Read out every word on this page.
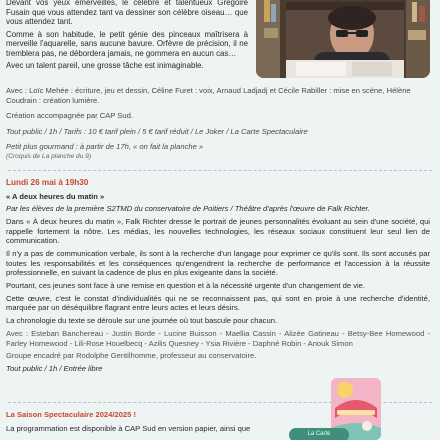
Devant vos yeux émerveillés, le célèbre et talentueux Grégoire Fusain que vous attendez tant va dessiner son célèbre oiseau… que vous attendez tant.

Comme à son habitude, le petit génie des pinceaux maîtrisera à merveille l'aquarelle, sans aucune bavure. Orfèvre de précision, il ne tremblera pas, ne débordera jamais, ne gommera en aucun cas…

Avec un talent pareil, une grosse tâche est inimaginable.

Avec : Loïc Mehée : écriture, jeu et dessin, Céline Furet : voix, Arnaud Ladjadj et Cécile Rabiller : mise en scène, Hélène Coudrain : création lumière.

Création accompagnée par CAP Sud.

Tout public / 1h / Tarifs : 10 € tarif plein / 5 € tarif réduit / Le Joker / La Carte Spectaculaire

Petit plus gourmand : à partir de 17h, « on fait la planche »

(Croquis de La planche du 9)

Lundi 26 mai à 19h30

« A deux heures du matin »

Par les élèves de la première S2TMD du conservatoire de Poitiers / Théâtre d'après l'œuvre de Falk Richter.

Dans « À deux heures du matin », Falk Richter dresse le portrait de jeunes personnalités évoluant au sein d'une société, qui rappelle fortement la nôtre. Les médias, les nouvelles technologies, les réseaux sociaux constituent leur seul lien de communication.

Il n'y a pas de communication verbale, ils sont à la recherche d'un langage pour exprimer ce qu'ils sont. Ils sont accusés par toutes les responsabilités et les conséquences qu'engendrent la recherche de performance et l'accession à la réussite professionnelle, en suivant la cadence de plus en plus exigeante dans la société.

Pourtant, ces jeunes sont face à une remise en question et à la nécessité urgente d'un changement de vie.

Cette œuvre, c'est le constat d'individualités qui ne se reconnaissent pas, qui sont en proie à une recherche d'identité, marquée par un déséquilibre flagrant entre leurs actes et leurs désirs.

La chronologie du texte se déroule sur une journée où tout bascule pour chacun.

Avec : Esteban Banchereau - Justin Borde - Lucine Buisson - Maellia Cassin - Alizée Gatineau - Betsy-Bee Homewood - Farley Homewood - Lili-Rose Houelbecq - Azilis Quesney - Ysia Rivière - Daphné Robin - Anouk Simon

Groupe encadré par Rodolphe Gentilhomme, professeur au conservatoire.

Tout public / 1h / Entrée libre

La Saison Spectaculaire 2024/2025 !

La programmation est disponible à CAP Sud en version papier, ainsi que

La Carte
